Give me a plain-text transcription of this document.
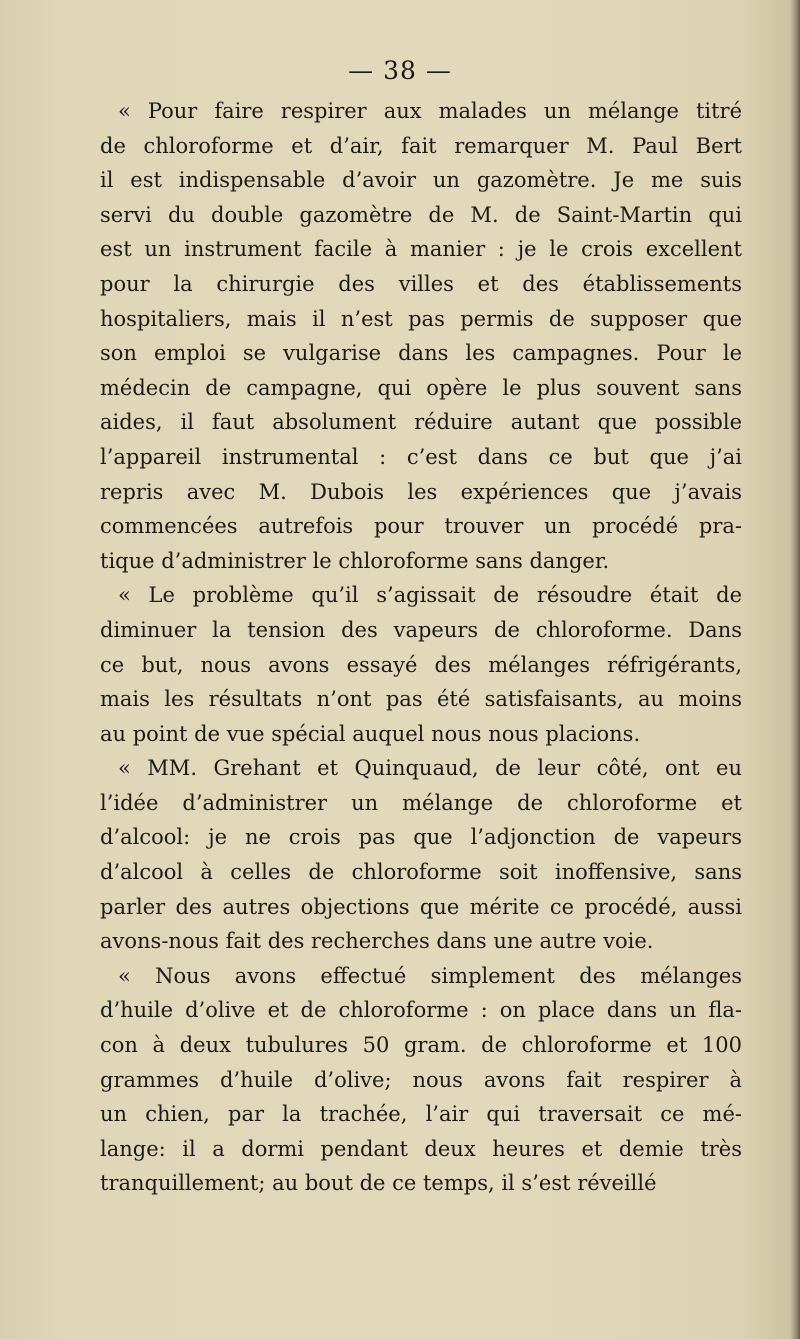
— 38 —
« Pour faire respirer aux malades un mélange titré
de chloroforme et d’air, fait remarquer M. Paul Bert
il est indispensable d’avoir un gazomètre. Je me suis
servi du double gazomètre de M. de Saint-Martin qui
est un instrument facile à manier : je le crois excellent
pour la chirurgie des villes et des établissements
hospitaliers, mais il n’est pas permis de supposer que
son emploi se vulgarise dans les campagnes. Pour le
médecin de campagne, qui opère le plus souvent sans
aides, il faut absolument réduire autant que possible
l’appareil instrumental : c’est dans ce but que j’ai
repris avec M. Dubois les expériences que j’avais
commencées autrefois pour trouver un procédé pra-
tique d’administrer le chloroforme sans danger.
« Le problème qu’il s’agissait de résoudre était de
diminuer la tension des vapeurs de chloroforme. Dans
ce but, nous avons essayé des mélanges réfrigérants,
mais les résultats n’ont pas été satisfaisants, au moins
au point de vue spécial auquel nous nous placions.
« MM. Grehant et Quinquaud, de leur côté, ont eu
l’idée d’administrer un mélange de chloroforme et
d’alcool: je ne crois pas que l’adjonction de vapeurs
d’alcool à celles de chloroforme soit inoffensive, sans
parler des autres objections que mérite ce procédé, aussi
avons-nous fait des recherches dans une autre voie.
« Nous avons effectué simplement des mélanges
d’huile d’olive et de chloroforme : on place dans un fla-
con à deux tubulures 50 gram. de chloroforme et 100
grammes d’huile d’olive; nous avons fait respirer à
un chien, par la trachée, l’air qui traversait ce mé-
lange: il a dormi pendant deux heures et demie très
tranquillement; au bout de ce temps, il s’est réveillé
